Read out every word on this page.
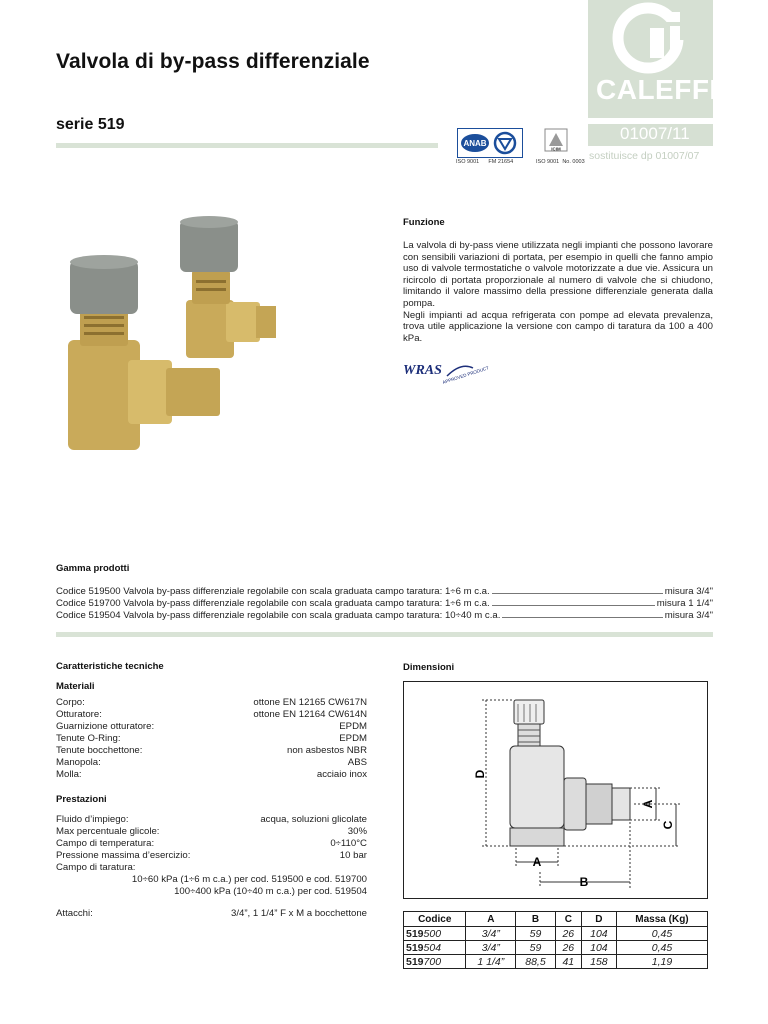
Valvola di by-pass differenziale
serie 519
CALEFFI
01007/11
sostituisce dp 01007/07
ANAB
ISO 9001 FM 21654
ICIM
ISO 9001 No. 0003
Funzione
La valvola di by-pass viene utilizzata negli impianti che possono lavorare con sensibili variazioni di portata, per esempio in quelli che fanno ampio uso di valvole termostatiche o valvole motorizzate a due vie. Assicura un ricircolo di portata proporzionale al numero di valvole che si chiudono, limitando il valore massimo della pressione differenziale generata dalla pompa.
Negli impianti ad acqua refrigerata con pompe ad elevata prevalenza, trova utile applicazione la versione con campo di taratura da 100 a 400 kPa.
WRAS APPROVED PRODUCT
Gamma prodotti
Codice 519500 Valvola by-pass differenziale regolabile con scala graduata campo taratura: 1÷6 m c.a.	misura 3/4"
Codice 519700 Valvola by-pass differenziale regolabile con scala graduata campo taratura: 1÷6 m c.a.	misura 1 1/4"
Codice 519504 Valvola by-pass differenziale regolabile con scala graduata campo taratura: 10÷40 m c.a.	misura 3/4"
Caratteristiche tecniche
Materiali
Corpo:	ottone EN 12165 CW617N
Otturatore:	ottone EN 12164 CW614N
Guarnizione otturatore:	EPDM
Tenute O-Ring:	EPDM
Tenute bocchettone:	non asbestos NBR
Manopola:	ABS
Molla:	acciaio inox
Prestazioni
Fluido d’impiego:	acqua, soluzioni glicolate
Max percentuale glicole:	30%
Campo di temperatura:	0÷110°C
Pressione massima d’esercizio:	10 bar
Campo di taratura:
10÷60 kPa (1÷6 m c.a.) per cod. 519500 e cod. 519700
100÷400 kPa (10÷40 m c.a.) per cod. 519504
Attacchi:	3/4”, 1 1/4” F x M a bocchettone
Dimensioni
D
A
C
A
B
Codice	A	B	C	D	Massa (Kg)
519500	3/4”	59	26	104	0,45
519504	3/4”	59	26	104	0,45
519700	1 1/4”	88,5	41	158	1,19
